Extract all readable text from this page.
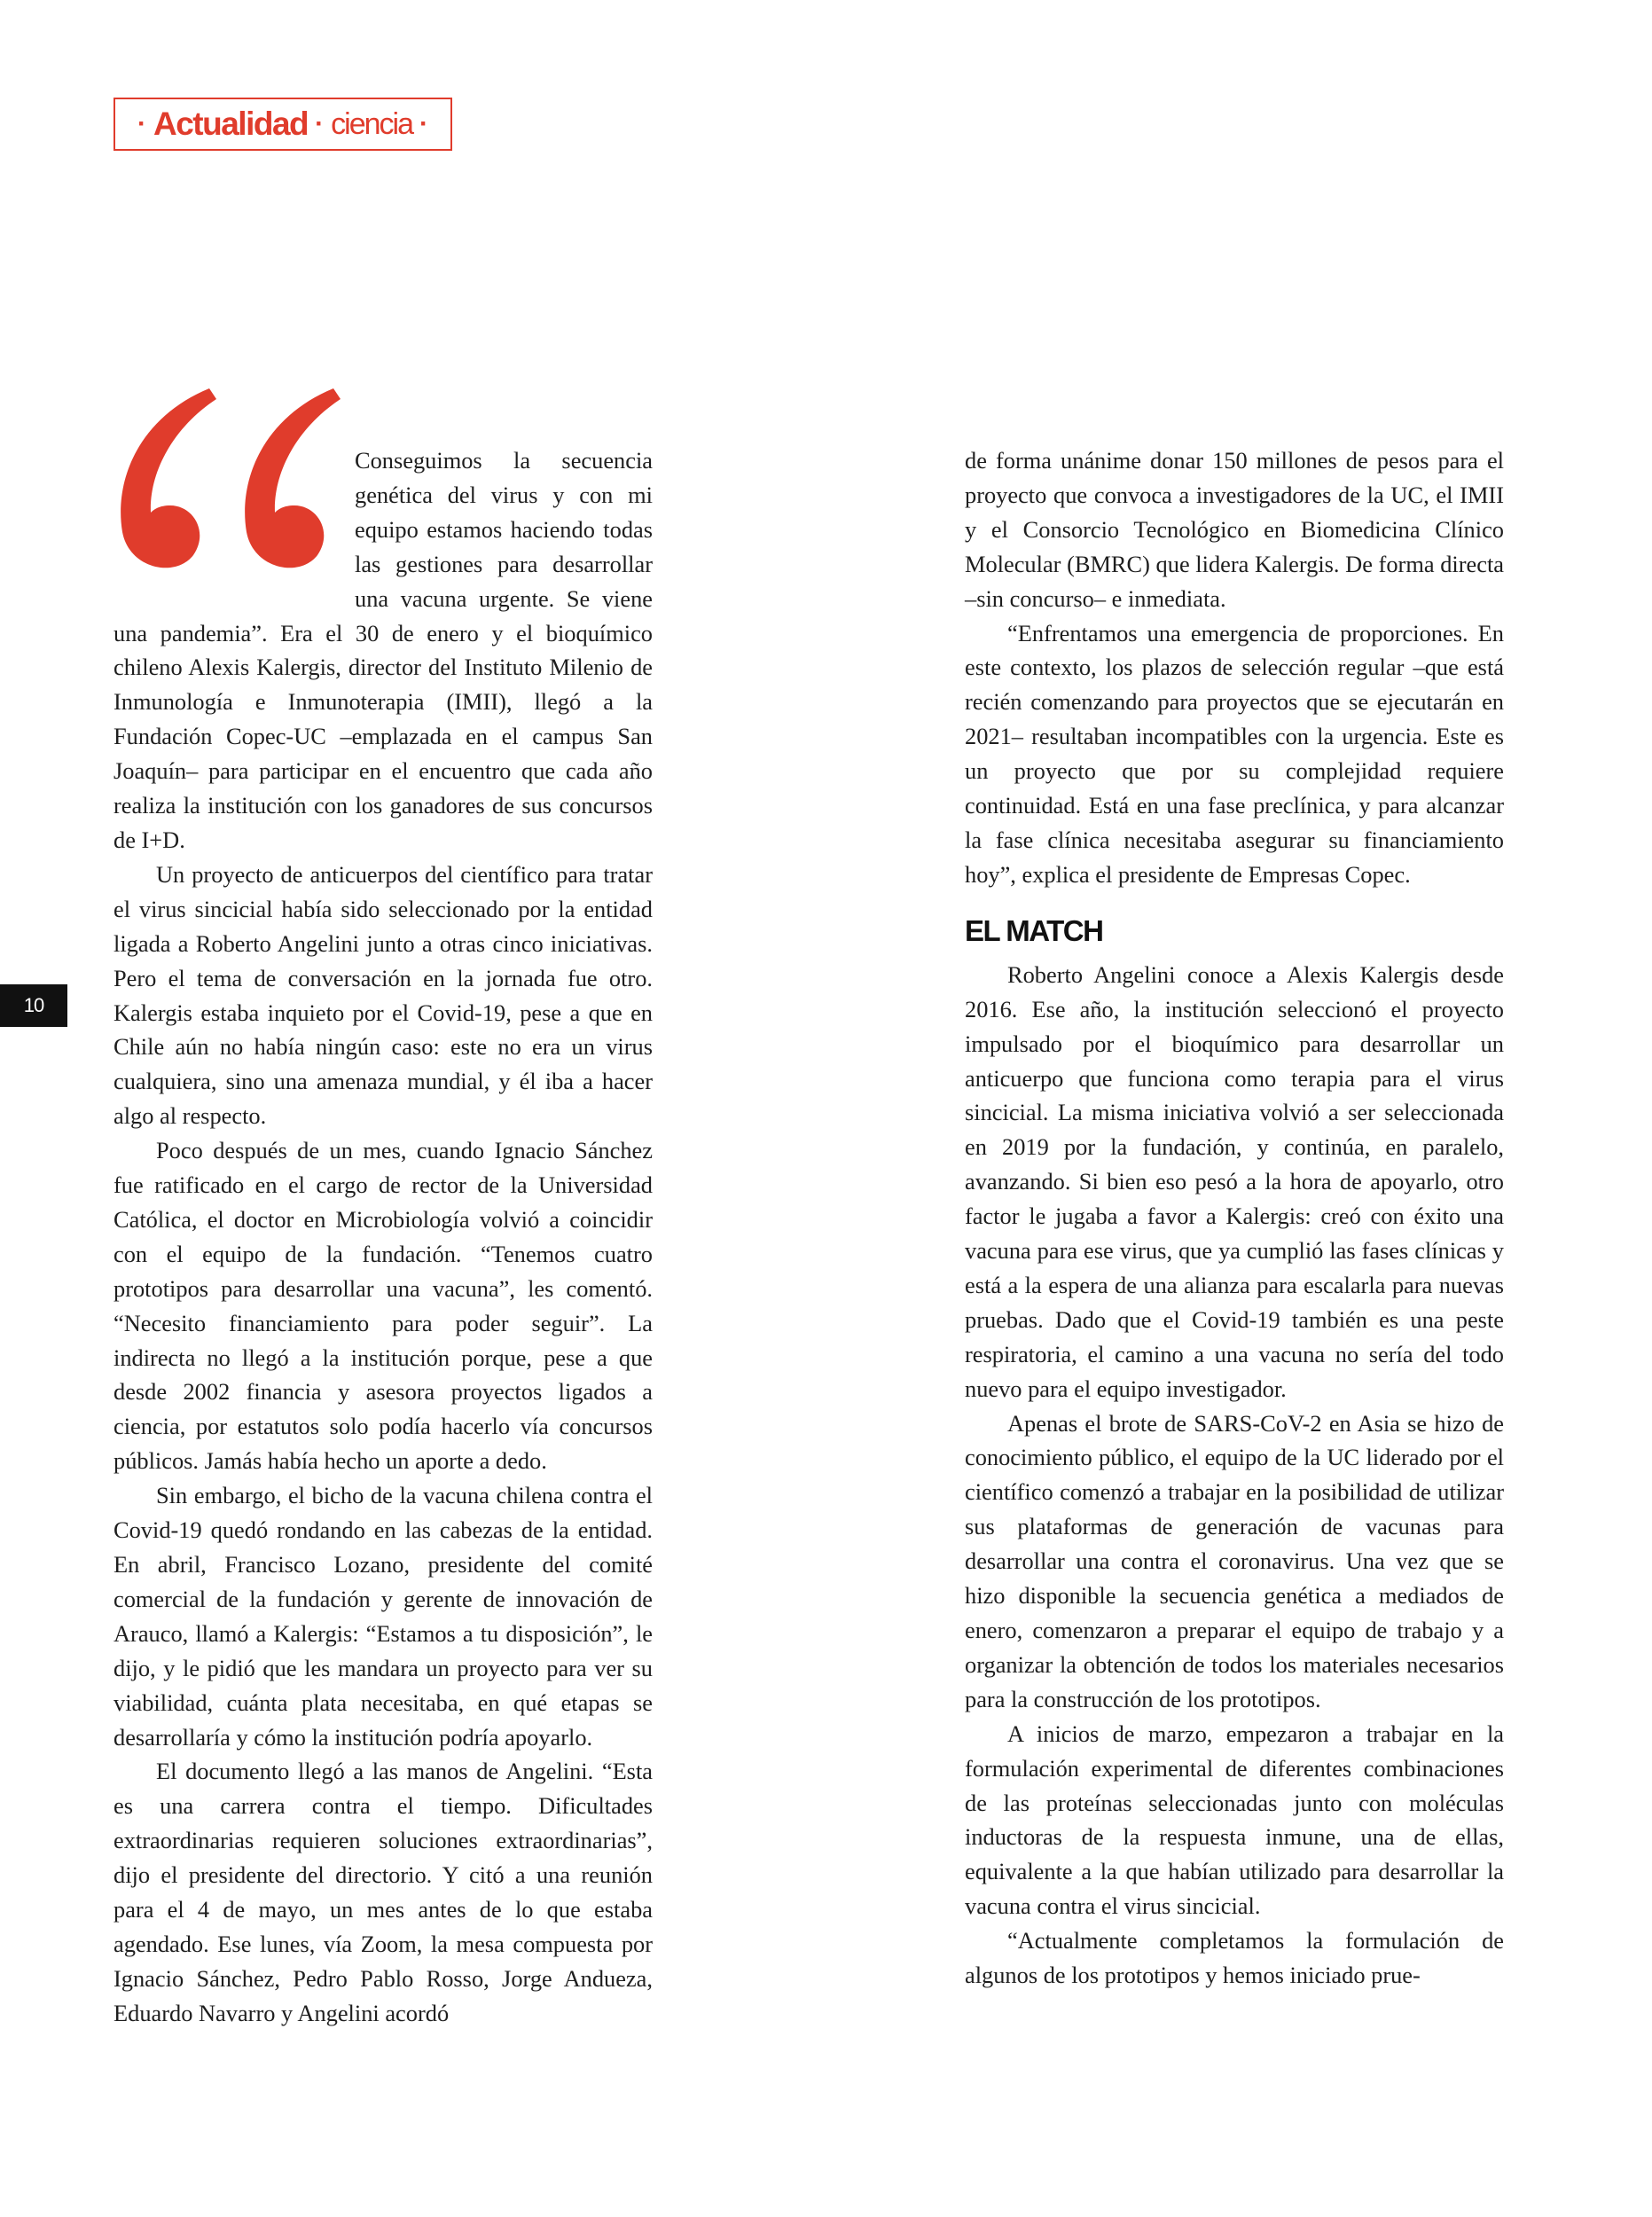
· Actualidad · ciencia ·
10

Conseguimos la secuencia genética del virus y con mi equipo estamos haciendo todas las gestiones para desarrollar una vacuna urgente. Se viene una pandemia”. Era el 30 de enero y el bioquímico chileno Alexis Kalergis, director del Instituto Milenio de Inmunología e Inmunoterapia (IMII), llegó a la Fundación Copec-UC –emplazada en el campus San Joaquín– para participar en el encuentro que cada año realiza la institución con los ganadores de sus concursos de I+D.

Un proyecto de anticuerpos del científico para tratar el virus sincicial había sido seleccionado por la entidad ligada a Roberto Angelini junto a otras cinco iniciativas. Pero el tema de conversación en la jornada fue otro. Kalergis estaba inquieto por el Covid-19, pese a que en Chile aún no había ningún caso: este no era un virus cualquiera, sino una amenaza mundial, y él iba a hacer algo al respecto.

Poco después de un mes, cuando Ignacio Sánchez fue ratificado en el cargo de rector de la Universidad Católica, el doctor en Microbiología volvió a coincidir con el equipo de la fundación. “Tenemos cuatro prototipos para desarrollar una vacuna”, les comentó. “Necesito financiamiento para poder seguir”. La indirecta no llegó a la institución porque, pese a que desde 2002 financia y asesora proyectos ligados a ciencia, por estatutos solo podía hacerlo vía concursos públicos. Jamás había hecho un aporte a dedo.

Sin embargo, el bicho de la vacuna chilena contra el Covid-19 quedó rondando en las cabezas de la entidad. En abril, Francisco Lozano, presidente del comité comercial de la fundación y gerente de innovación de Arauco, llamó a Kalergis: “Estamos a tu disposición”, le dijo, y le pidió que les mandara un proyecto para ver su viabilidad, cuánta plata necesitaba, en qué etapas se desarrollaría y cómo la institución podría apoyarlo.

El documento llegó a las manos de Angelini. “Esta es una carrera contra el tiempo. Dificultades extraordinarias requieren soluciones extraordinarias”, dijo el presidente del directorio. Y citó a una reunión para el 4 de mayo, un mes antes de lo que estaba agendado. Ese lunes, vía Zoom, la mesa compuesta por Ignacio Sánchez, Pedro Pablo Rosso, Jorge Andueza, Eduardo Navarro y Angelini acordó

de forma unánime donar 150 millones de pesos para el proyecto que convoca a investigadores de la UC, el IMII y el Consorcio Tecnológico en Biomedicina Clínico Molecular (BMRC) que lidera Kalergis. De forma directa –sin concurso– e inmediata.

“Enfrentamos una emergencia de proporciones. En este contexto, los plazos de selección regular –que está recién comenzando para proyectos que se ejecutarán en 2021– resultaban incompatibles con la urgencia. Este es un proyecto que por su complejidad requiere continuidad. Está en una fase preclínica, y para alcanzar la fase clínica necesitaba asegurar su financiamiento hoy”, explica el presidente de Empresas Copec.

EL MATCH

Roberto Angelini conoce a Alexis Kalergis desde 2016. Ese año, la institución seleccionó el proyecto impulsado por el bioquímico para desarrollar un anticuerpo que funciona como terapia para el virus sincicial. La misma iniciativa volvió a ser seleccionada en 2019 por la fundación, y continúa, en paralelo, avanzando. Si bien eso pesó a la hora de apoyarlo, otro factor le jugaba a favor a Kalergis: creó con éxito una vacuna para ese virus, que ya cumplió las fases clínicas y está a la espera de una alianza para escalarla para nuevas pruebas. Dado que el Covid-19 también es una peste respiratoria, el camino a una vacuna no sería del todo nuevo para el equipo investigador.

Apenas el brote de SARS-CoV-2 en Asia se hizo de conocimiento público, el equipo de la UC liderado por el científico comenzó a trabajar en la posibilidad de utilizar sus plataformas de generación de vacunas para desarrollar una contra el coronavirus. Una vez que se hizo disponible la secuencia genética a mediados de enero, comenzaron a preparar el equipo de trabajo y a organizar la obtención de todos los materiales necesarios para la construcción de los prototipos.

A inicios de marzo, empezaron a trabajar en la formulación experimental de diferentes combinaciones de las proteínas seleccionadas junto con moléculas inductoras de la respuesta inmune, una de ellas, equivalente a la que habían utilizado para desarrollar la vacuna contra el virus sincicial.

“Actualmente completamos la formulación de algunos de los prototipos y hemos iniciado prue-
